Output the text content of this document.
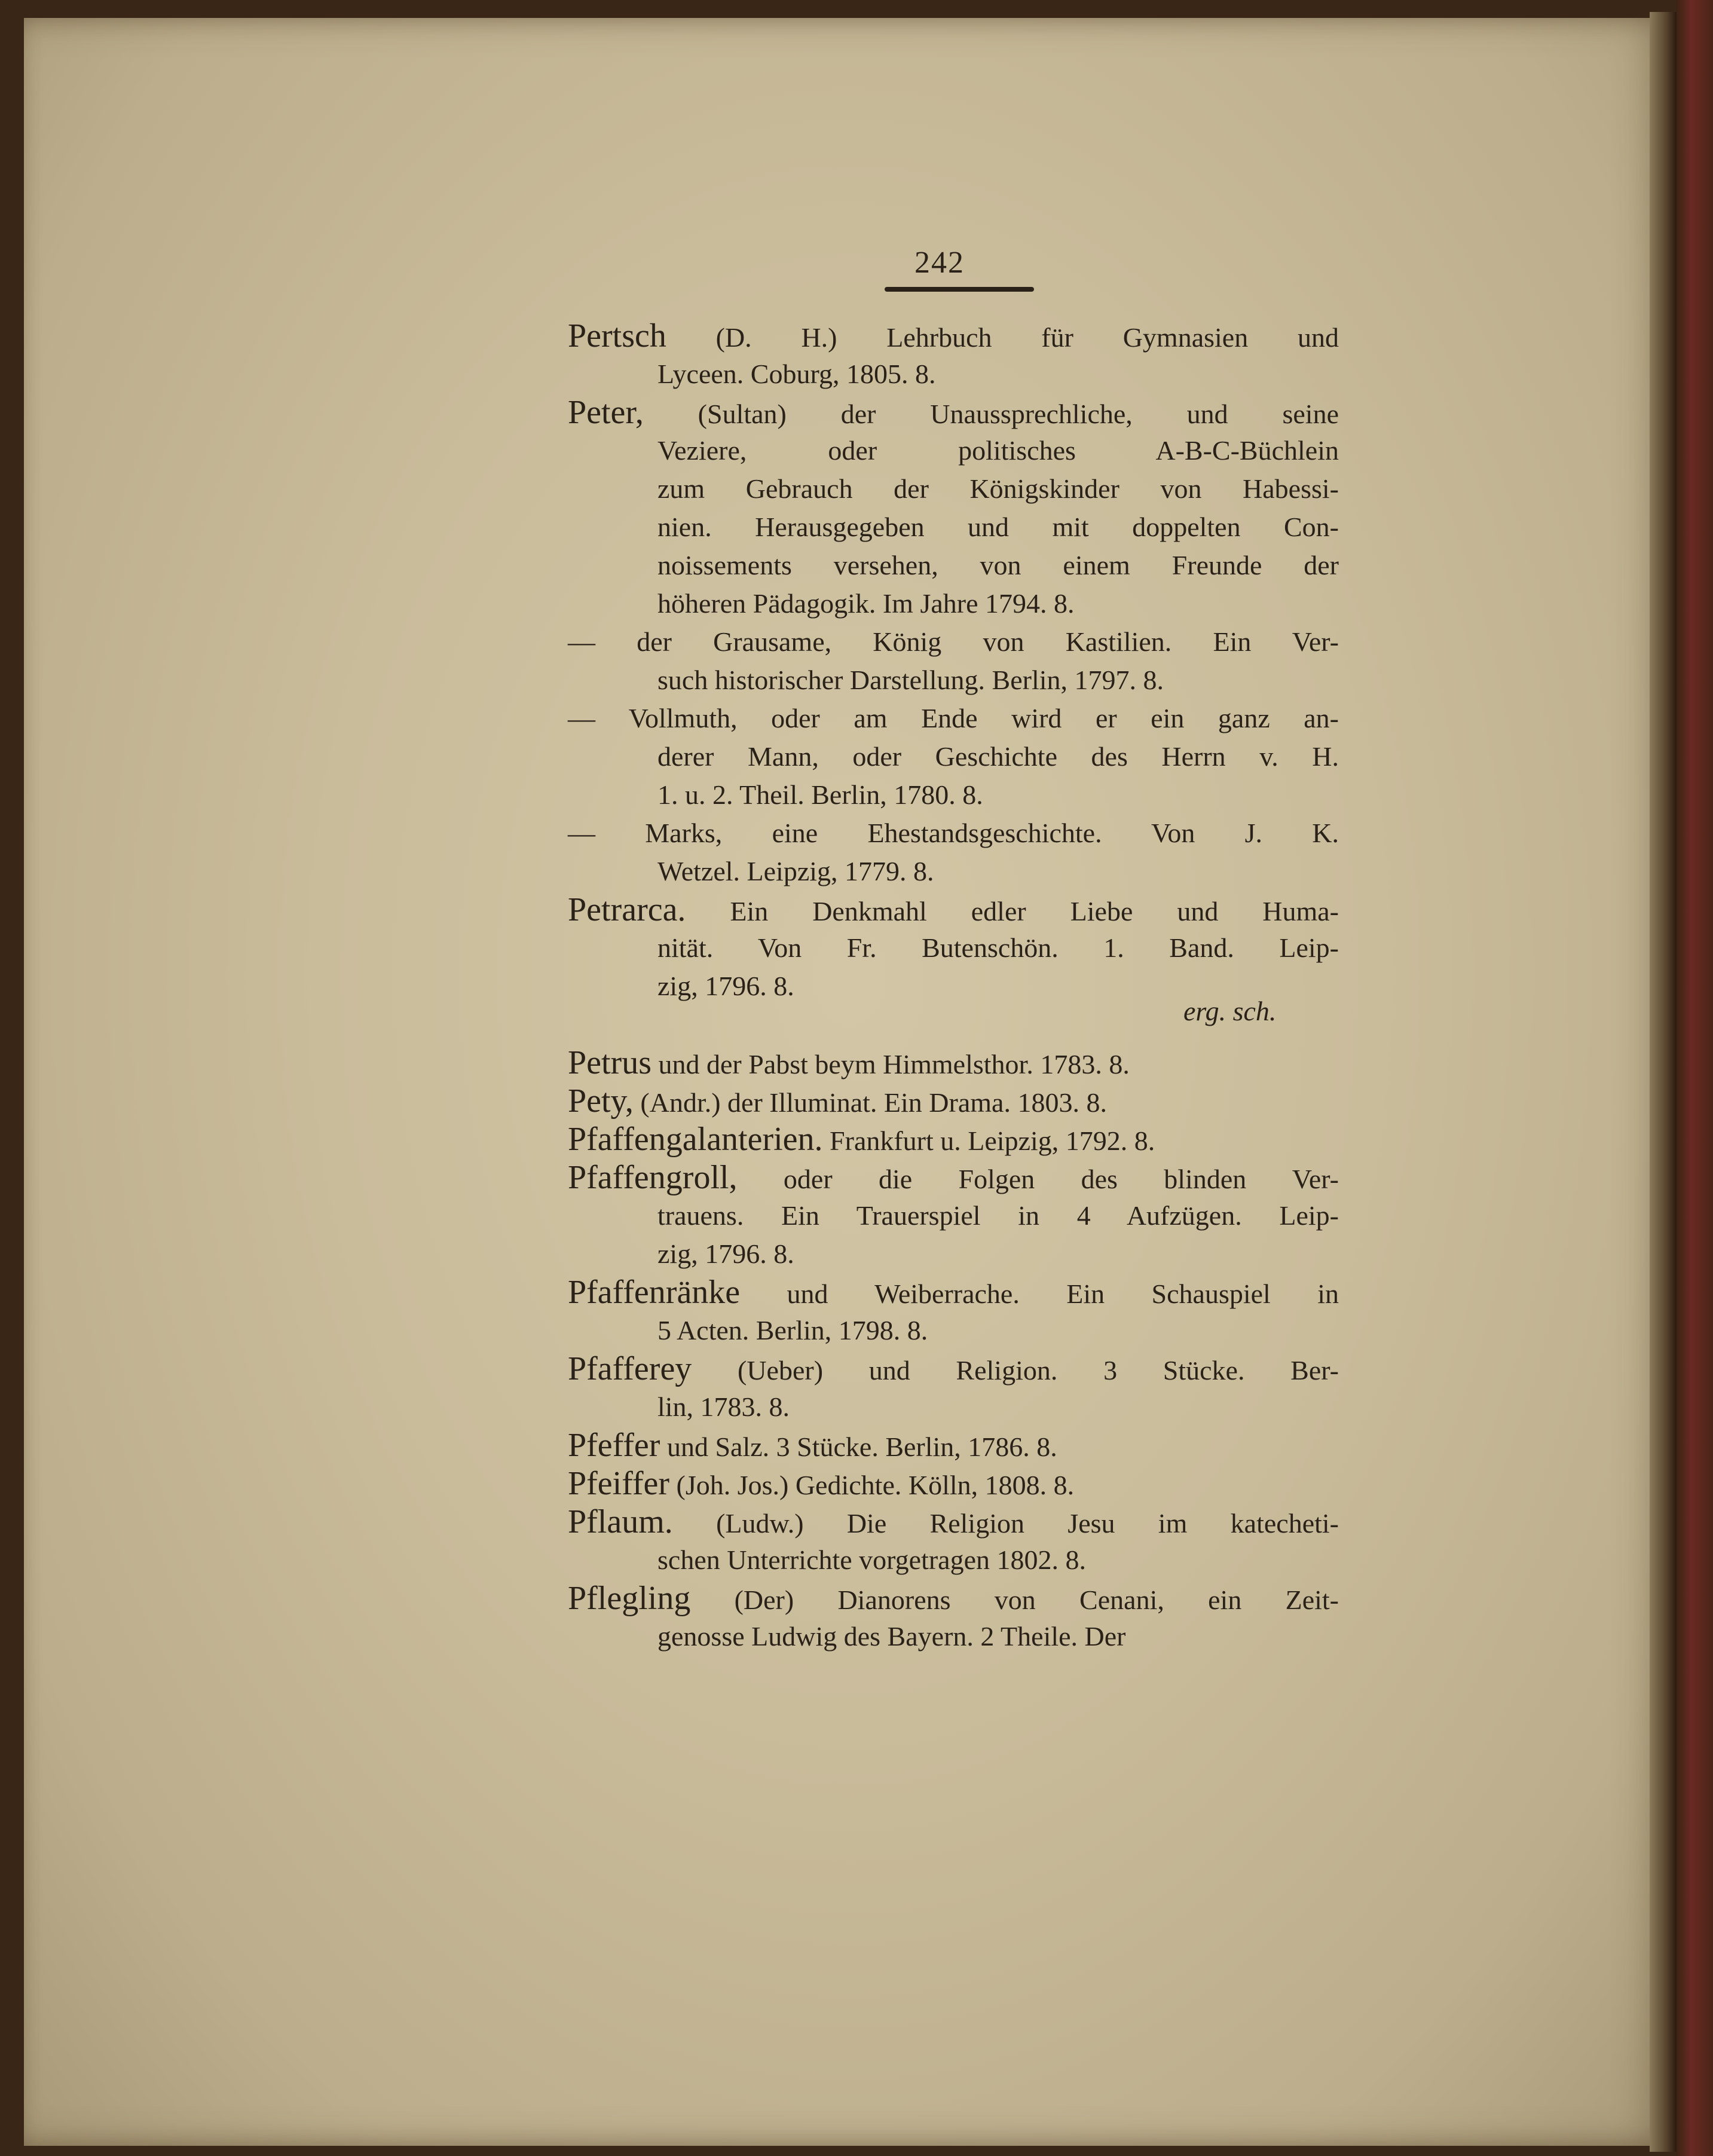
242
Pertsch (D. H.) Lehrbuch für Gymnasien und
Lyceen. Coburg, 1805. 8.
Peter, (Sultan) der Unaussprechliche, und seine
Veziere, oder politisches A-B-C-Büchlein
zum Gebrauch der Königskinder von Habessi-
nien. Herausgegeben und mit doppelten Con-
noissements versehen, von einem Freunde der
höheren Pädagogik. Im Jahre 1794. 8.
— der Grausame, König von Kastilien. Ein Ver-
such historischer Darstellung. Berlin, 1797. 8.
— Vollmuth, oder am Ende wird er ein ganz an-
derer Mann, oder Geschichte des Herrn v. H.
1. u. 2. Theil. Berlin, 1780. 8.
— Marks, eine Ehestandsgeschichte. Von J. K.
Wetzel. Leipzig, 1779. 8.
Petrarca. Ein Denkmahl edler Liebe und Huma-
nität. Von Fr. Butenschön. 1. Band. Leip-
zig, 1796. 8.
Petrus und der Pabst beym Himmelsthor. 1783. 8.
Pety, (Andr.) der Illuminat. Ein Drama. 1803. 8.
Pfaffengalanterien. Frankfurt u. Leipzig, 1792. 8.
Pfaffengroll, oder die Folgen des blinden Ver-
trauens. Ein Trauerspiel in 4 Aufzügen. Leip-
zig, 1796. 8.
Pfaffenränke und Weiberrache. Ein Schauspiel in
5 Acten. Berlin, 1798. 8.
Pfafferey (Ueber) und Religion. 3 Stücke. Ber-
lin, 1783. 8.
Pfeffer und Salz. 3 Stücke. Berlin, 1786. 8.
Pfeiffer (Joh. Jos.) Gedichte. Kölln, 1808. 8.
Pflaum. (Ludw.) Die Religion Jesu im katecheti-
schen Unterrichte vorgetragen 1802. 8.
Pflegling (Der) Dianorens von Cenani, ein Zeit-
genosse Ludwig des Bayern. 2 Theile. Der
erg. sch.
